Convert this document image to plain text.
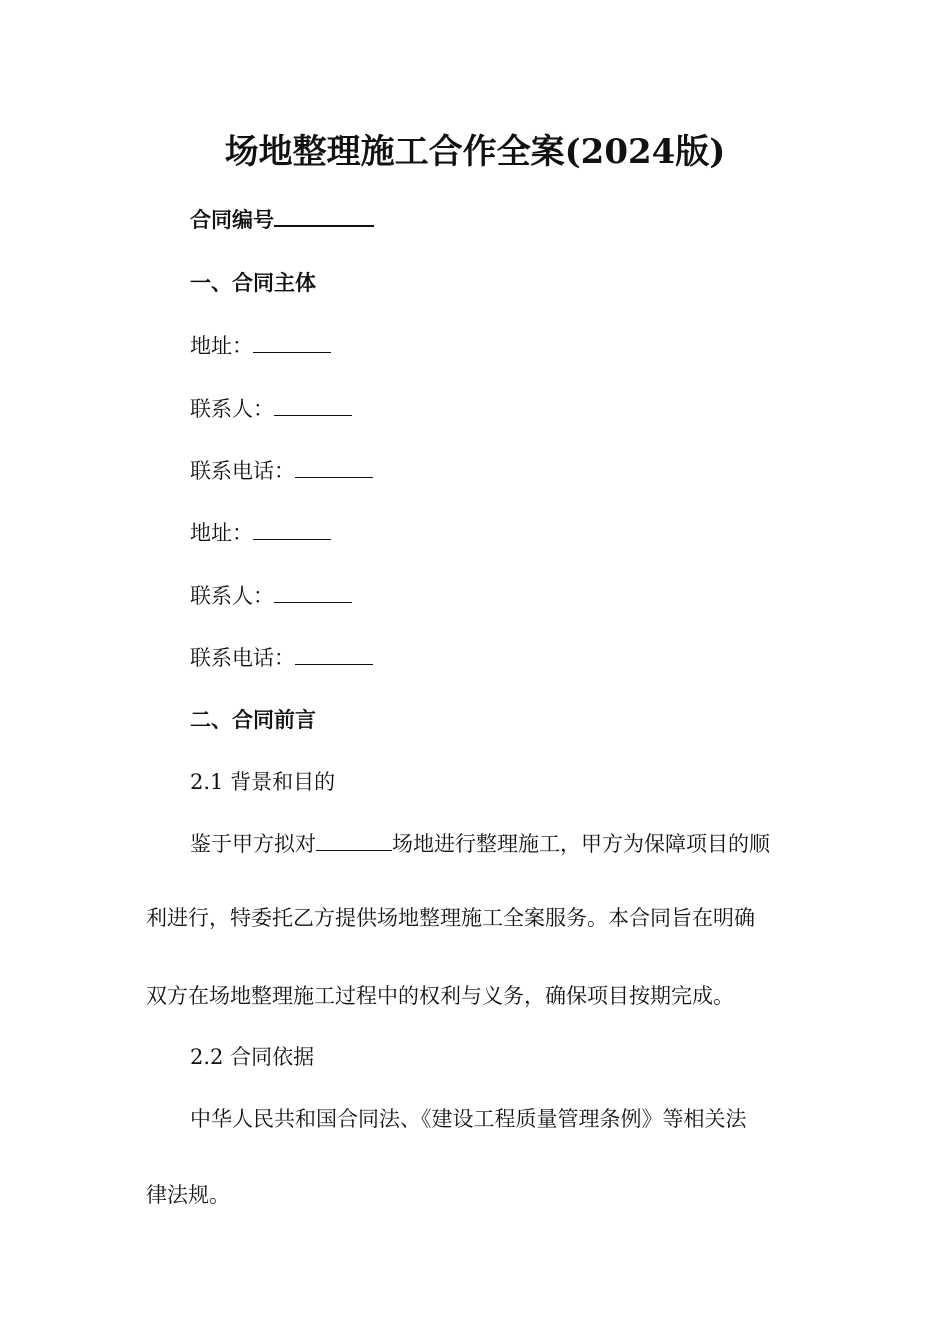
场地整理施工合作全案(2024版)
合同编号
一、合同主体
地址：
联系人：
联系电话：
地址：
联系人：
联系电话：
二、合同前言
2.1 背景和目的
鉴于甲方拟对	场地进行整理施工，甲方为保障项目的顺
利进行，特委托乙方提供场地整理施工全案服务。本合同旨在明确
双方在场地整理施工过程中的权利与义务，确保项目按期完成。
2.2 合同依据
中华人民共和国合同法、《建设工程质量管理条例》等相关法
律法规。
